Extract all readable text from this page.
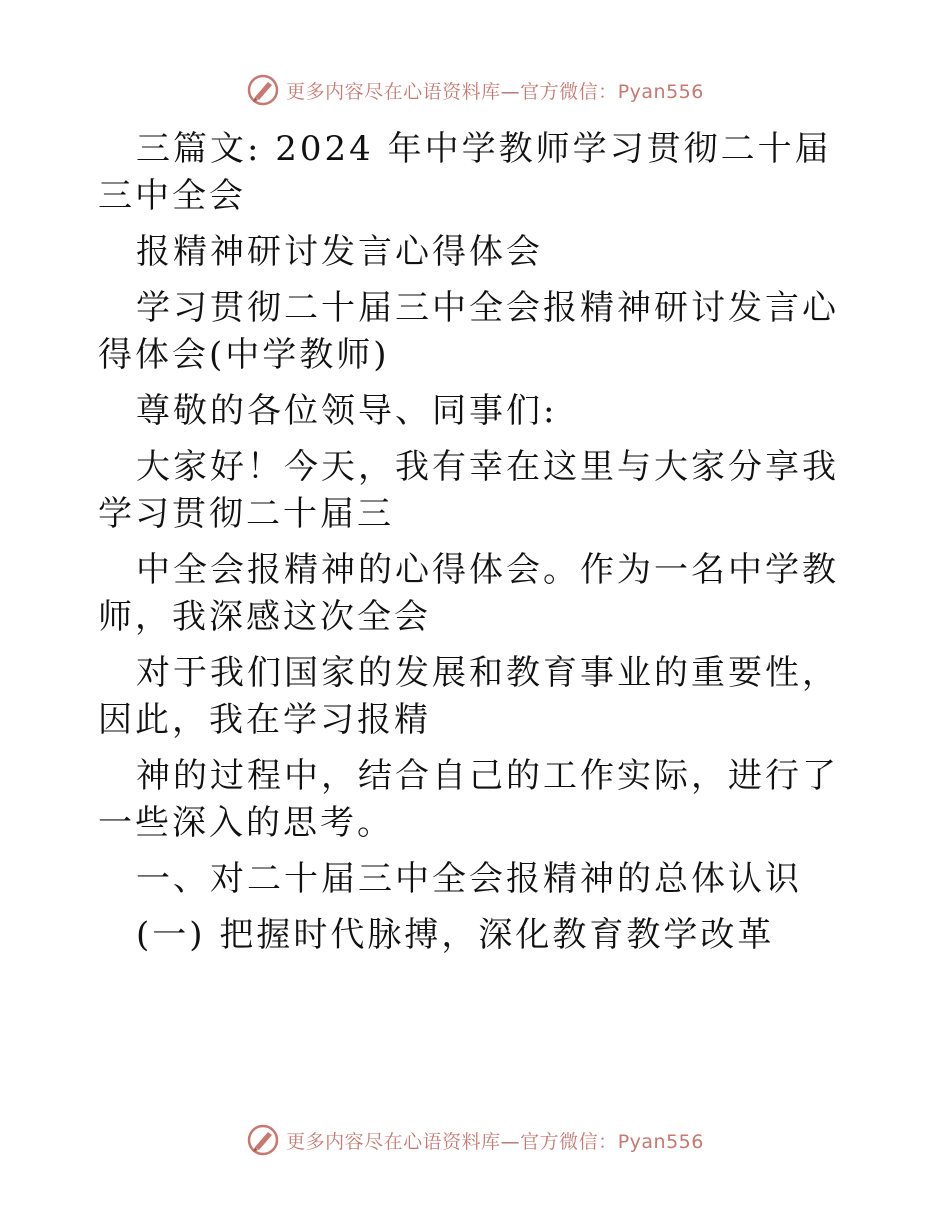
更多内容尽在心语资料库—官方微信：Pyan556

三篇文: 2024 年中学教师学习贯彻二十届三中全会

报精神研讨发言心得体会

学习贯彻二十届三中全会报精神研讨发言心得体会(中学教师)

尊敬的各位领导、同事们:

大家好！今天，我有幸在这里与大家分享我学习贯彻二十届三

中全会报精神的心得体会。作为一名中学教师，我深感这次全会

对于我们国家的发展和教育事业的重要性，因此，我在学习报精

神的过程中，结合自己的工作实际，进行了一些深入的思考。

一、对二十届三中全会报精神的总体认识

(一) 把握时代脉搏，深化教育教学改革

更多内容尽在心语资料库—官方微信：Pyan556
